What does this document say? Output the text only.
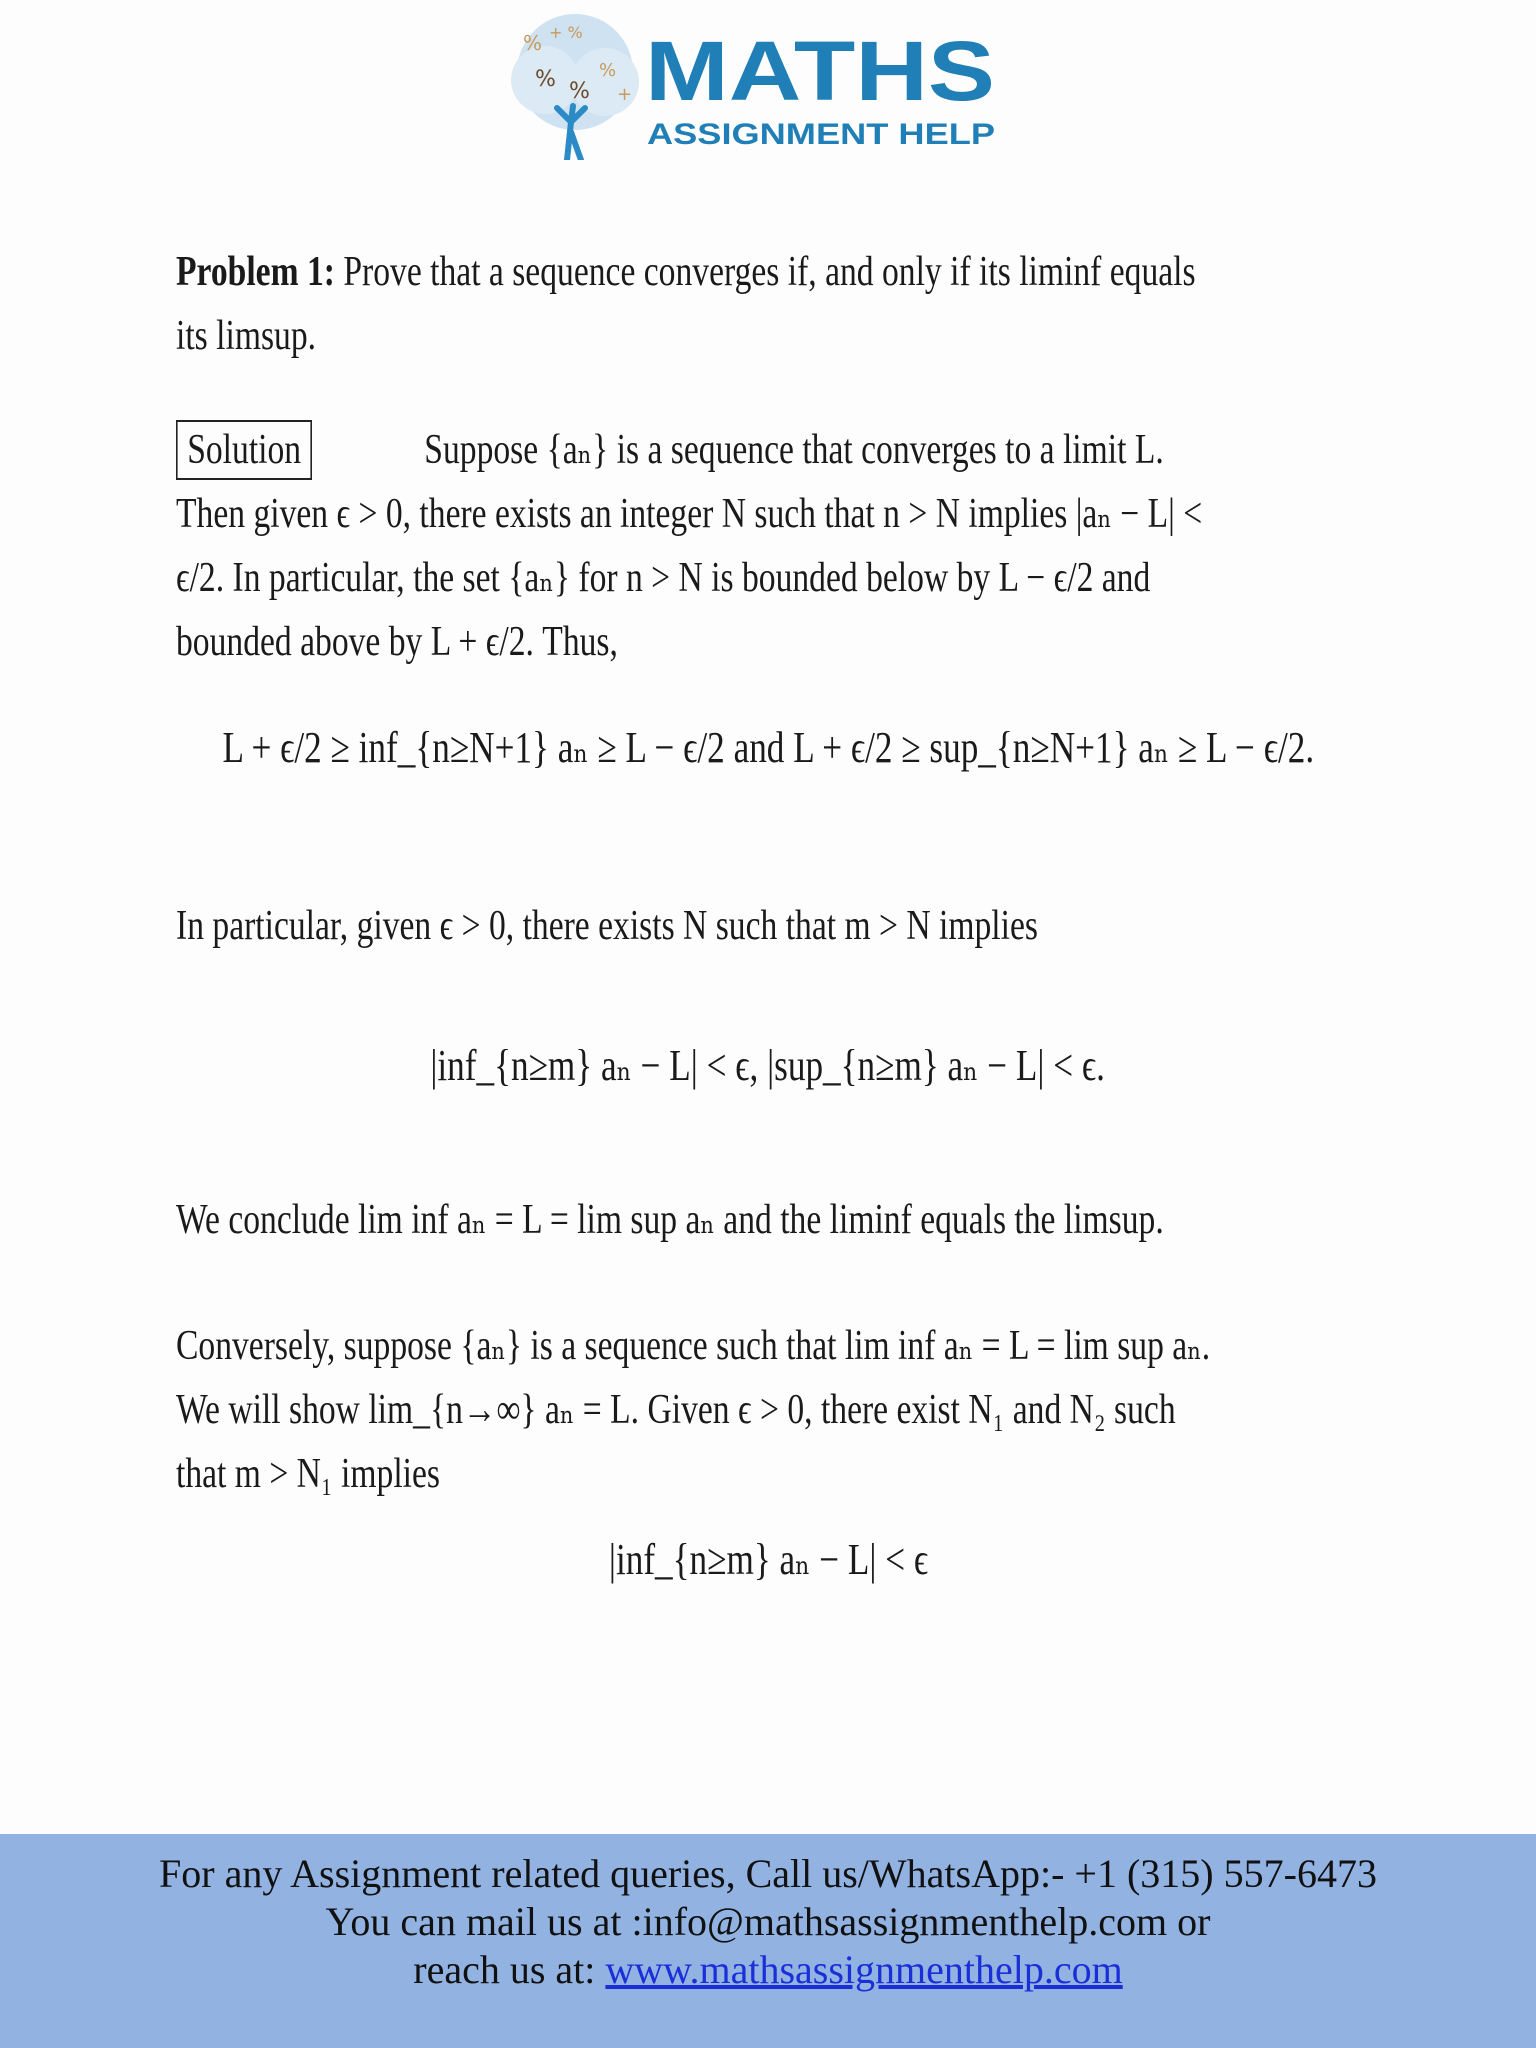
% + %
% %
%
+ MATHS
ASSIGNMENT HELP
Problem 1: Prove that a sequence converges if, and only if its liminf equals its limsup.
Solution	Suppose {aₙ} is a sequence that converges to a limit L. Then given ϵ > 0, there exists an integer N such that n > N implies |aₙ − L| < ϵ/2. In particular, the set {aₙ} for n > N is bounded below by L − ϵ/2 and bounded above by L + ϵ/2. Thus,
L + ϵ/2 ≥ inf_{n≥N+1} aₙ ≥ L − ϵ/2 and L + ϵ/2 ≥ sup_{n≥N+1} aₙ ≥ L − ϵ/2.
In particular, given ϵ > 0, there exists N such that m > N implies
|inf_{n≥m} aₙ − L| < ϵ, |sup_{n≥m} aₙ − L| < ϵ.
We conclude lim inf aₙ = L = lim sup aₙ and the liminf equals the limsup.
Conversely, suppose {aₙ} is a sequence such that lim inf aₙ = L = lim sup aₙ. We will show lim_{n→∞} aₙ = L. Given ϵ > 0, there exist N₁ and N₂ such that m > N₁ implies
|inf_{n≥m} aₙ − L| < ϵ
For any Assignment related queries, Call us/WhatsApp:- +1 (315) 557-6473
You can mail us at :info@mathsassignmenthelp.com or
reach us at: www.mathsassignmenthelp.com
